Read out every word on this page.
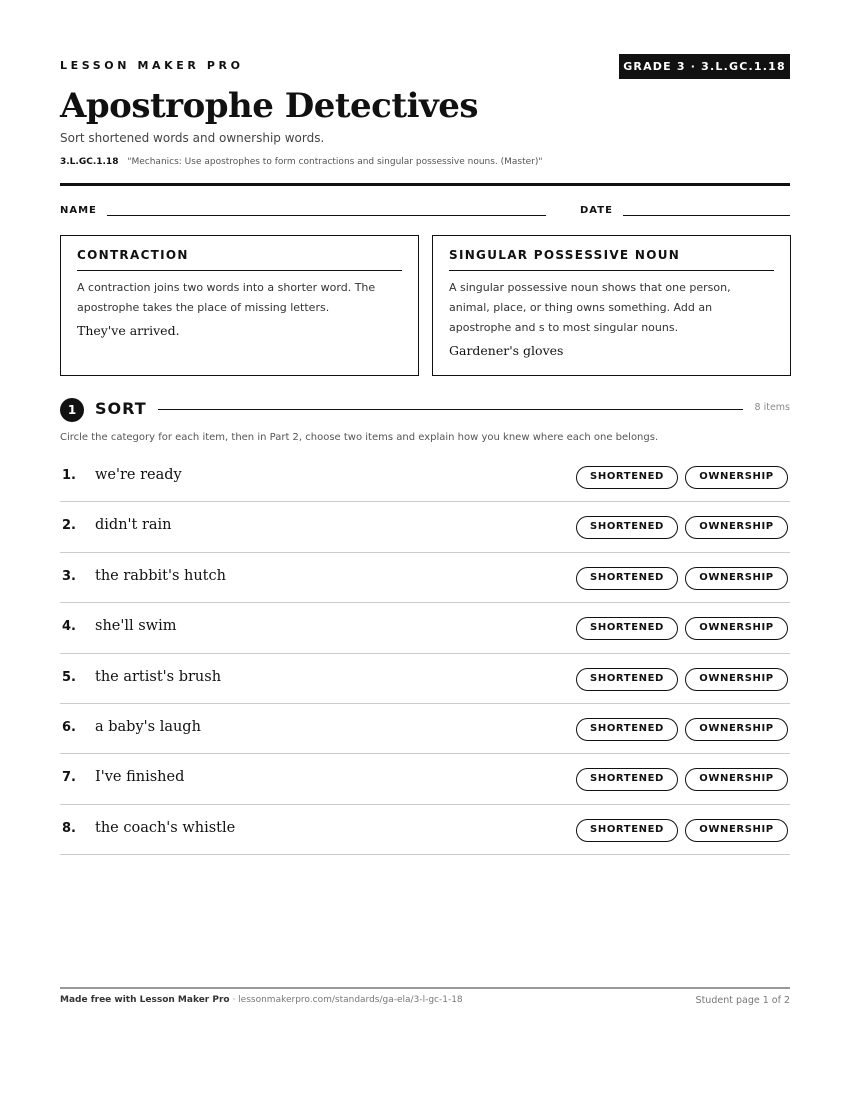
LESSON MAKER PRO	GRADE 3 · 3.L.GC.1.18
Apostrophe Detectives
Sort shortened words and ownership words.
3.L.GC.1.18 "Mechanics: Use apostrophes to form contractions and singular possessive nouns. (Master)"
NAME	DATE
CONTRACTION
A contraction joins two words into a shorter word. The apostrophe takes the place of missing letters.
They've arrived.
SINGULAR POSSESSIVE NOUN
A singular possessive noun shows that one person, animal, place, or thing owns something. Add an apostrophe and s to most singular nouns.
Gardener's gloves
1	SORT	8 items
Circle the category for each item, then in Part 2, choose two items and explain how you knew where each one belongs.
1. we're ready	SHORTENED	OWNERSHIP
2. didn't rain	SHORTENED	OWNERSHIP
3. the rabbit's hutch	SHORTENED	OWNERSHIP
4. she'll swim	SHORTENED	OWNERSHIP
5. the artist's brush	SHORTENED	OWNERSHIP
6. a baby's laugh	SHORTENED	OWNERSHIP
7. I've finished	SHORTENED	OWNERSHIP
8. the coach's whistle	SHORTENED	OWNERSHIP
Made free with Lesson Maker Pro · lessonmakerpro.com/standards/ga-ela/3-l-gc-1-18	Student page 1 of 2
